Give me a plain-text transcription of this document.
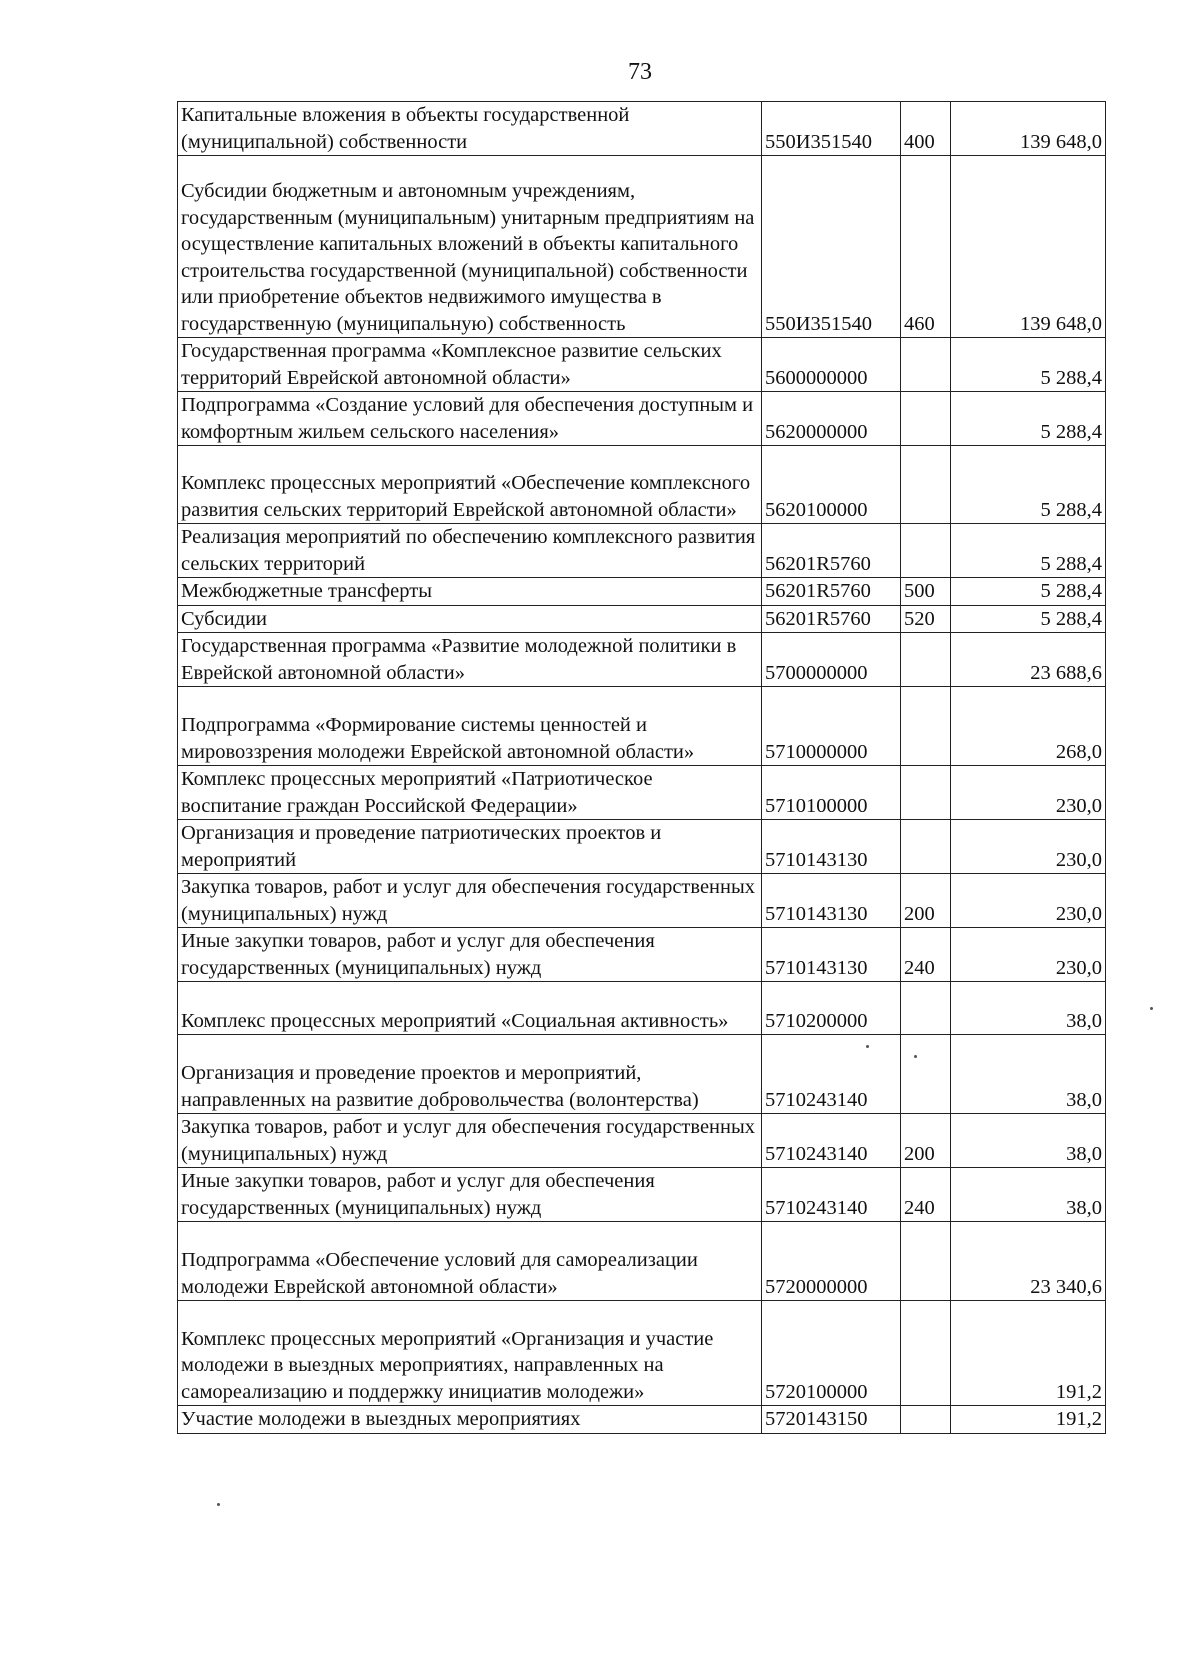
73
Капитальные вложения в объекты государственной (муниципальной) собственности	550И351540	400	139 648,0
Субсидии бюджетным и автономным учреждениям, государственным (муниципальным) унитарным предприятиям на осуществление капитальных вложений в объекты капитального строительства государственной (муниципальной) собственности или приобретение объектов недвижимого имущества в государственную (муниципальную) собственность	550И351540	460	139 648,0
Государственная программа «Комплексное развитие сельских территорий Еврейской автономной области»	5600000000		5 288,4
Подпрограмма «Создание условий для обеспечения доступным и комфортным жильем сельского населения»	5620000000		5 288,4
Комплекс процессных мероприятий «Обеспечение комплексного развития сельских территорий Еврейской автономной области»	5620100000		5 288,4
Реализация мероприятий по обеспечению комплексного развития сельских территорий	56201R5760		5 288,4
Межбюджетные трансферты	56201R5760	500	5 288,4
Субсидии	56201R5760	520	5 288,4
Государственная программа «Развитие молодежной политики в Еврейской автономной области»	5700000000		23 688,6
Подпрограмма «Формирование системы ценностей и мировоззрения молодежи Еврейской автономной области»	5710000000		268,0
Комплекс процессных мероприятий «Патриотическое воспитание граждан Российской Федерации»	5710100000		230,0
Организация и проведение патриотических проектов и мероприятий	5710143130		230,0
Закупка товаров, работ и услуг для обеспечения государственных (муниципальных) нужд	5710143130	200	230,0
Иные закупки товаров, работ и услуг для обеспечения государственных (муниципальных) нужд	5710143130	240	230,0
Комплекс процессных мероприятий «Социальная активность»	5710200000		38,0
Организация и проведение проектов и мероприятий, направленных на развитие добровольчества (волонтерства)	5710243140		38,0
Закупка товаров, работ и услуг для обеспечения государственных (муниципальных) нужд	5710243140	200	38,0
Иные закупки товаров, работ и услуг для обеспечения государственных (муниципальных) нужд	5710243140	240	38,0
Подпрограмма «Обеспечение условий для самореализации молодежи Еврейской автономной области»	5720000000		23 340,6
Комплекс процессных мероприятий «Организация и участие молодежи в выездных мероприятиях, направленных на самореализацию и поддержку инициатив молодежи»	5720100000		191,2
Участие молодежи в выездных мероприятиях	5720143150		191,2
